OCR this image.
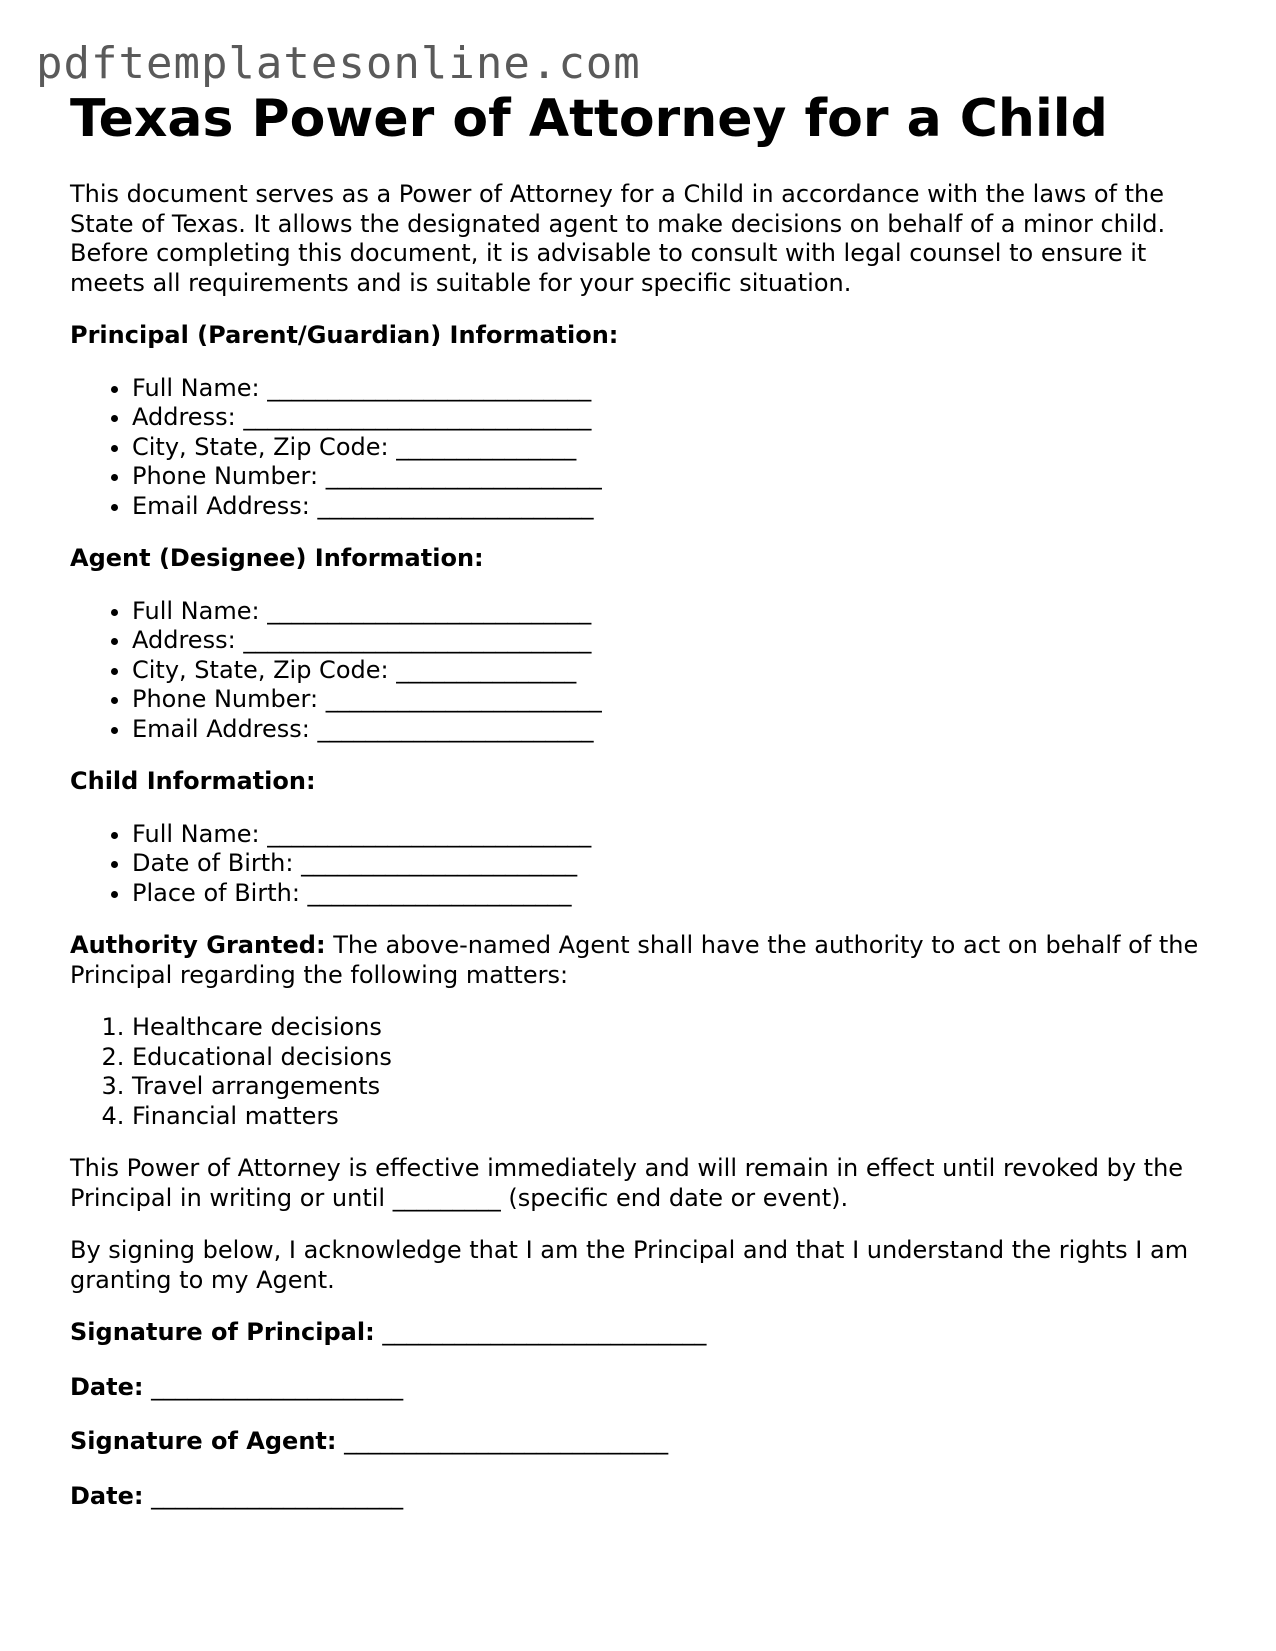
pdftemplatesonline.com
Texas Power of Attorney for a Child

This document serves as a Power of Attorney for a Child in accordance with the laws of the State of Texas. It allows the designated agent to make decisions on behalf of a minor child. Before completing this document, it is advisable to consult with legal counsel to ensure it meets all requirements and is suitable for your specific situation.

Principal (Parent/Guardian) Information:

• Full Name: ___________________________
• Address: _____________________________
• City, State, Zip Code: _______________
• Phone Number: _______________________
• Email Address: _______________________

Agent (Designee) Information:

• Full Name: ___________________________
• Address: _____________________________
• City, State, Zip Code: _______________
• Phone Number: _______________________
• Email Address: _______________________

Child Information:

• Full Name: ___________________________
• Date of Birth: _______________________
• Place of Birth: ______________________

Authority Granted: The above-named Agent shall have the authority to act on behalf of the Principal regarding the following matters:

1. Healthcare decisions
2. Educational decisions
3. Travel arrangements
4. Financial matters

This Power of Attorney is effective immediately and will remain in effect until revoked by the Principal in writing or until _________ (specific end date or event).

By signing below, I acknowledge that I am the Principal and that I understand the rights I am granting to my Agent.

Signature of Principal: ___________________________

Date: _____________________

Signature of Agent: ___________________________

Date: _____________________
